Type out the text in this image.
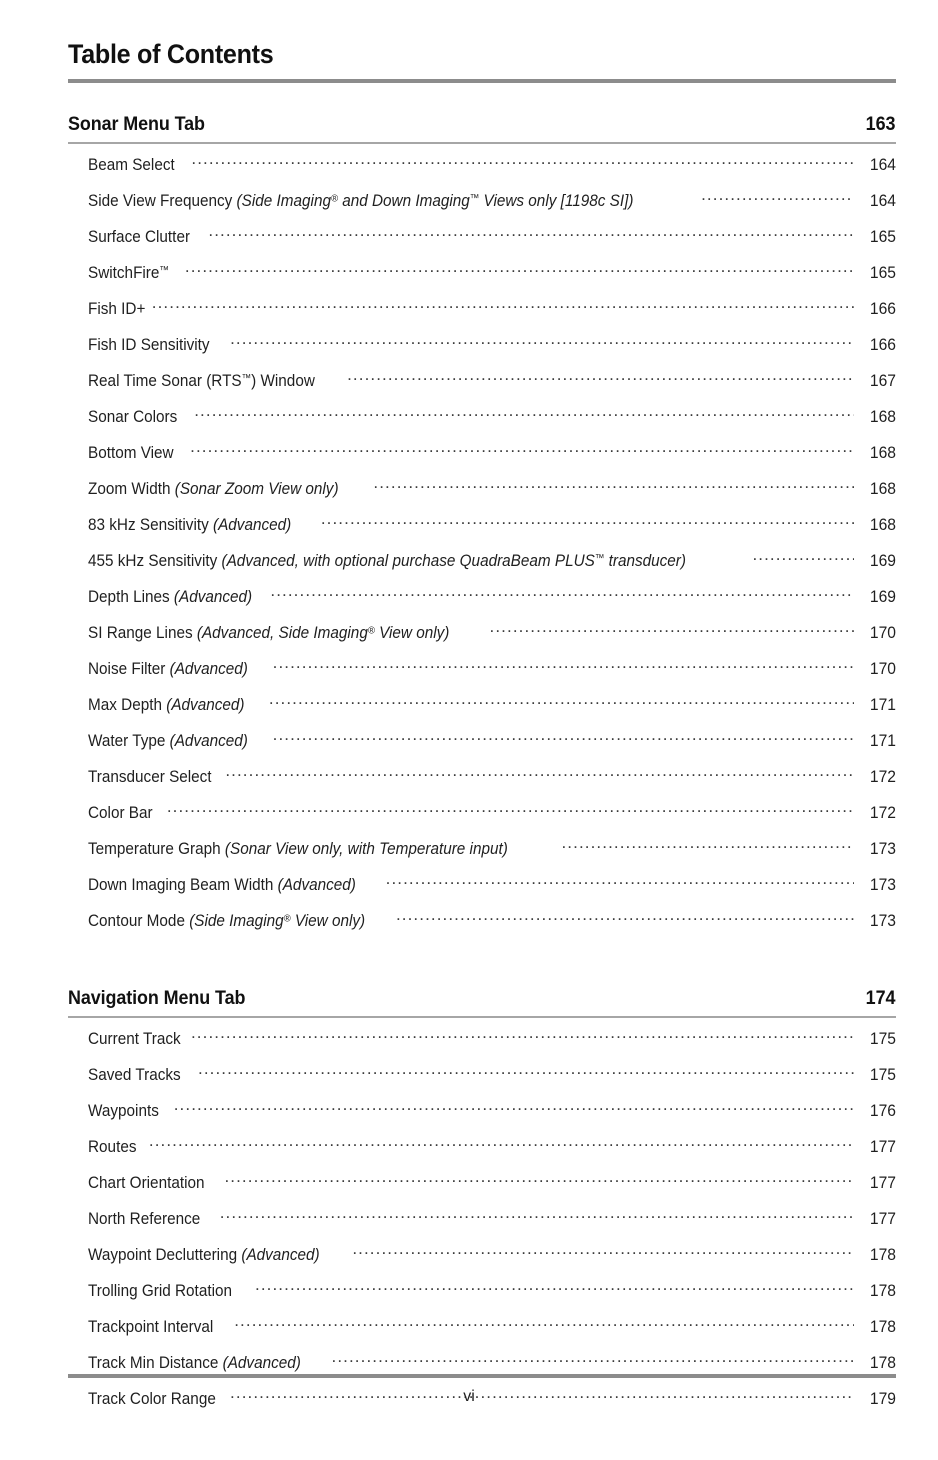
Table of Contents
Sonar Menu Tab	163
Beam Select .....	164
Side View Frequency (Side Imaging® and Down Imaging™ Views only [1198c SI]) .....	164
Surface Clutter .....	165
SwitchFire™ .....	165
Fish ID+ .....	166
Fish ID Sensitivity .....	166
Real Time Sonar (RTS™) Window .....	167
Sonar Colors .....	168
Bottom View .....	168
Zoom Width (Sonar Zoom View only) .....	168
83 kHz Sensitivity (Advanced) .....	168
455 kHz Sensitivity (Advanced, with optional purchase QuadraBeam PLUS™ transducer) .....	169
Depth Lines (Advanced) .....	169
SI Range Lines (Advanced, Side Imaging® View only) .....	170
Noise Filter (Advanced) .....	170
Max Depth (Advanced) .....	171
Water Type (Advanced) .....	171
Transducer Select .....	172
Color Bar .....	172
Temperature Graph (Sonar View only, with Temperature input) .....	173
Down Imaging Beam Width (Advanced) .....	173
Contour Mode (Side Imaging® View only) .....	173
Navigation Menu Tab	174
Current Track .....	175
Saved Tracks .....	175
Waypoints .....	176
Routes .....	177
Chart Orientation .....	177
North Reference .....	177
Waypoint Decluttering (Advanced) .....	178
Trolling Grid Rotation .....	178
Trackpoint Interval .....	178
Track Min Distance (Advanced) .....	178
Track Color Range .....	179
vi
